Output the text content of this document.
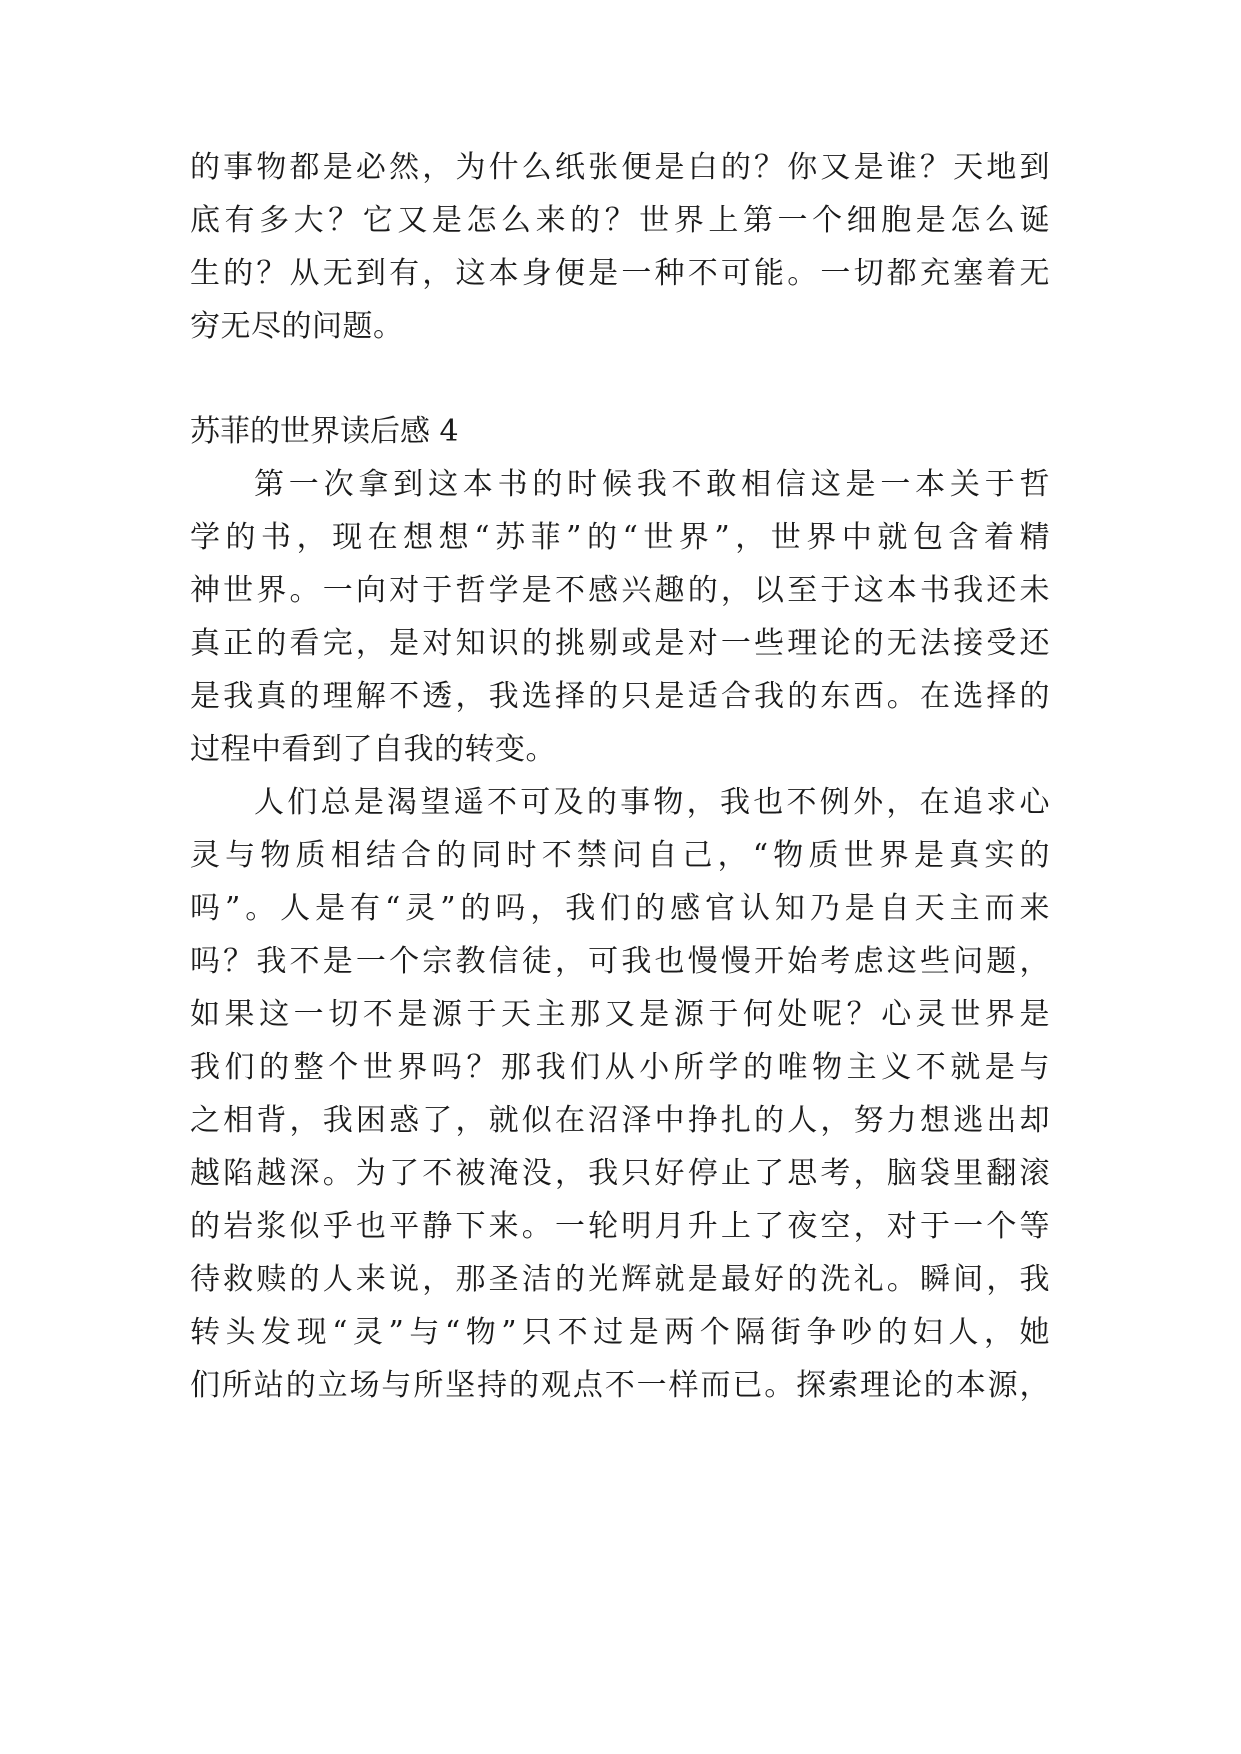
的事物都是必然，为什么纸张便是白的？你又是谁？天地到

底有多大？它又是怎么来的？世界上第一个细胞是怎么诞

生的？从无到有，这本身便是一种不可能。一切都充塞着无

穷无尽的问题。

苏菲的世界读后感 4

第一次拿到这本书的时候我不敢相信这是一本关于哲

学的书，现在想想“苏菲”的“世界”，世界中就包含着精

神世界。一向对于哲学是不感兴趣的，以至于这本书我还未

真正的看完，是对知识的挑剔或是对一些理论的无法接受还

是我真的理解不透，我选择的只是适合我的东西。在选择的

过程中看到了自我的转变。

人们总是渴望遥不可及的事物，我也不例外，在追求心

灵与物质相结合的同时不禁问自己，“物质世界是真实的

吗”。人是有“灵”的吗，我们的感官认知乃是自天主而来

吗？我不是一个宗教信徒，可我也慢慢开始考虑这些问题，

如果这一切不是源于天主那又是源于何处呢？心灵世界是

我们的整个世界吗？那我们从小所学的唯物主义不就是与

之相背，我困惑了，就似在沼泽中挣扎的人，努力想逃出却

越陷越深。为了不被淹没，我只好停止了思考，脑袋里翻滚

的岩浆似乎也平静下来。一轮明月升上了夜空，对于一个等

待救赎的人来说，那圣洁的光辉就是最好的洗礼。瞬间，我

转头发现“灵”与“物”只不过是两个隔街争吵的妇人，她

们所站的立场与所坚持的观点不一样而已。探索理论的本源，
